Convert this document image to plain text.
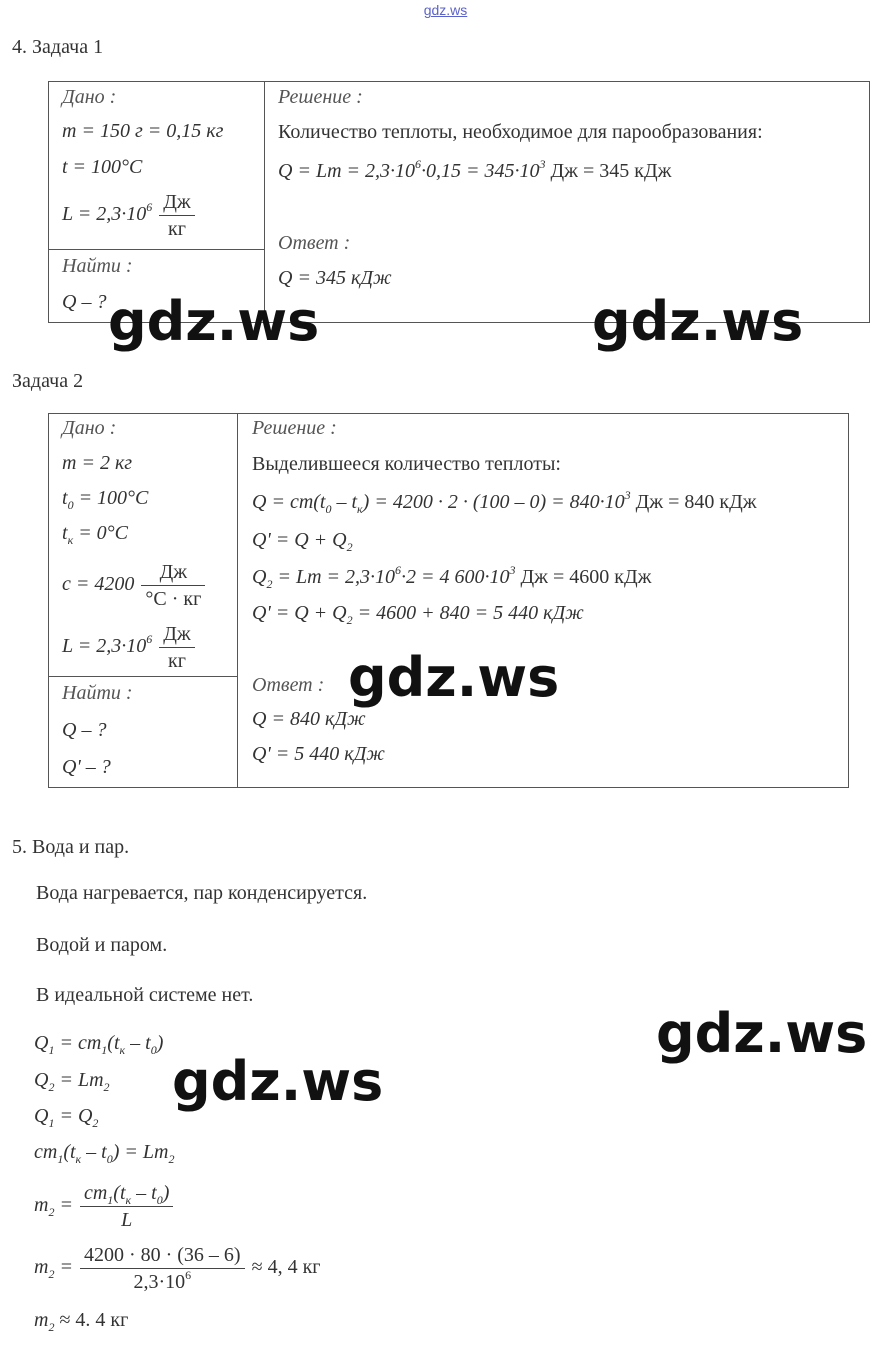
gdz.ws
4. Задача 1
Дано :
m = 150 г = 0,15 кг
t = 100°C
$L = 2,3\cdot 10^6 \frac{Дж}{кг}$
Найти :
Q – ?
Решение :
Количество теплоты, необходимое для парообразования:
$Q = Lm = 2,3\cdot 10^6\cdot 0,15 = 345\cdot 10^3$ Дж = 345 кДж
Ответ :
Q = 345 кДж
gdz.ws	gdz.ws
Задача 2
Дано :
m = 2 кг
$t_0 = 100^\circ C$
$t_к = 0^\circ C$
$c = 4200 \frac{Дж}{^\circ C \cdot кг}$
$L = 2,3\cdot 10^6 \frac{Дж}{кг}$
Найти :
Q – ?
Q' – ?
Решение :
Выделившееся количество теплоты:
$Q = cm(t_0 - t_к) = 4200 \cdot 2 \cdot (100 - 0) = 840\cdot 10^3$ Дж = 840 кДж
$Q' = Q + Q_2$
$Q_2 = Lm = 2,3\cdot 10^6\cdot 2 = 4$ $600\cdot 10^3$ Дж = 4600 кДж
$Q' = Q + Q_2 = 4600 + 840 = 5$ 440 кДж
Ответ :
Q = 840 кДж
Q' = 5 440 кДж
gdz.ws
5. Вода и пар.
Вода нагревается, пар конденсируется.
Водой и паром.
В идеальной системе нет.
$Q_1 = cm_1(t_к - t_0)$
$Q_2 = Lm_2$
$Q_1 = Q_2$
$cm_1(t_к - t_0) = Lm_2$
$m_2 = \frac{cm_1(t_к - t_0)}{L}$
$m_2 = \frac{4200 \cdot 80 \cdot (36 - 6)}{2,3\cdot 10^6} \approx 4$, 4 кг
$m_2 \approx 4$. 4 кг
gdz.ws
gdz.ws
